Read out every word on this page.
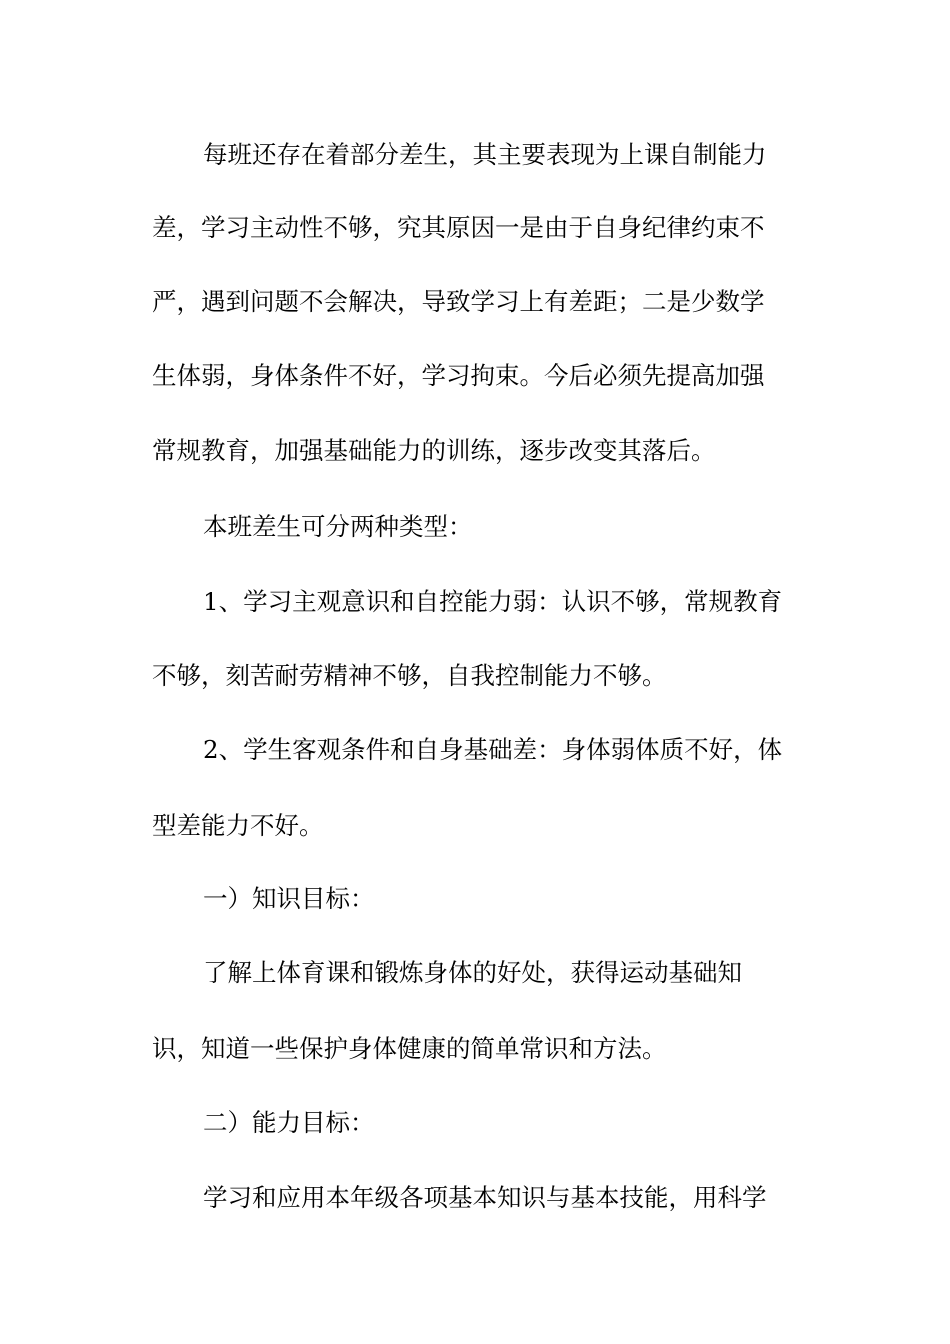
每班还存在着部分差生，其主要表现为上课自制能力
差，学习主动性不够，究其原因一是由于自身纪律约束不
严，遇到问题不会解决，导致学习上有差距；二是少数学
生体弱，身体条件不好，学习拘束。今后必须先提高加强
常规教育，加强基础能力的训练，逐步改变其落后。
本班差生可分两种类型：
1、学习主观意识和自控能力弱：认识不够，常规教育
不够，刻苦耐劳精神不够，自我控制能力不够。
2、学生客观条件和自身基础差：身体弱体质不好，体
型差能力不好。
一）知识目标：
了解上体育课和锻炼身体的好处，获得运动基础知
识，知道一些保护身体健康的简单常识和方法。
二）能力目标：
学习和应用本年级各项基本知识与基本技能，用科学
